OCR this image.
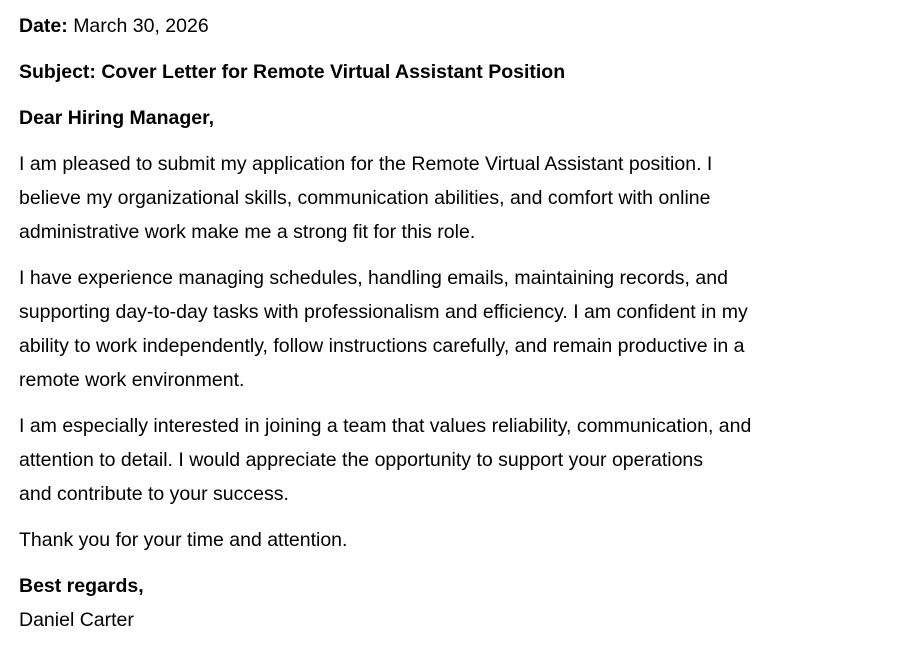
Date: March 30, 2026

Subject: Cover Letter for Remote Virtual Assistant Position

Dear Hiring Manager,

I am pleased to submit my application for the Remote Virtual Assistant position. I

believe my organizational skills, communication abilities, and comfort with online

administrative work make me a strong fit for this role.

I have experience managing schedules, handling emails, maintaining records, and

supporting day-to-day tasks with professionalism and efficiency. I am confident in my

ability to work independently, follow instructions carefully, and remain productive in a

remote work environment.

I am especially interested in joining a team that values reliability, communication, and

attention to detail. I would appreciate the opportunity to support your operations

and contribute to your success.

Thank you for your time and attention.

Best regards,

Daniel Carter
